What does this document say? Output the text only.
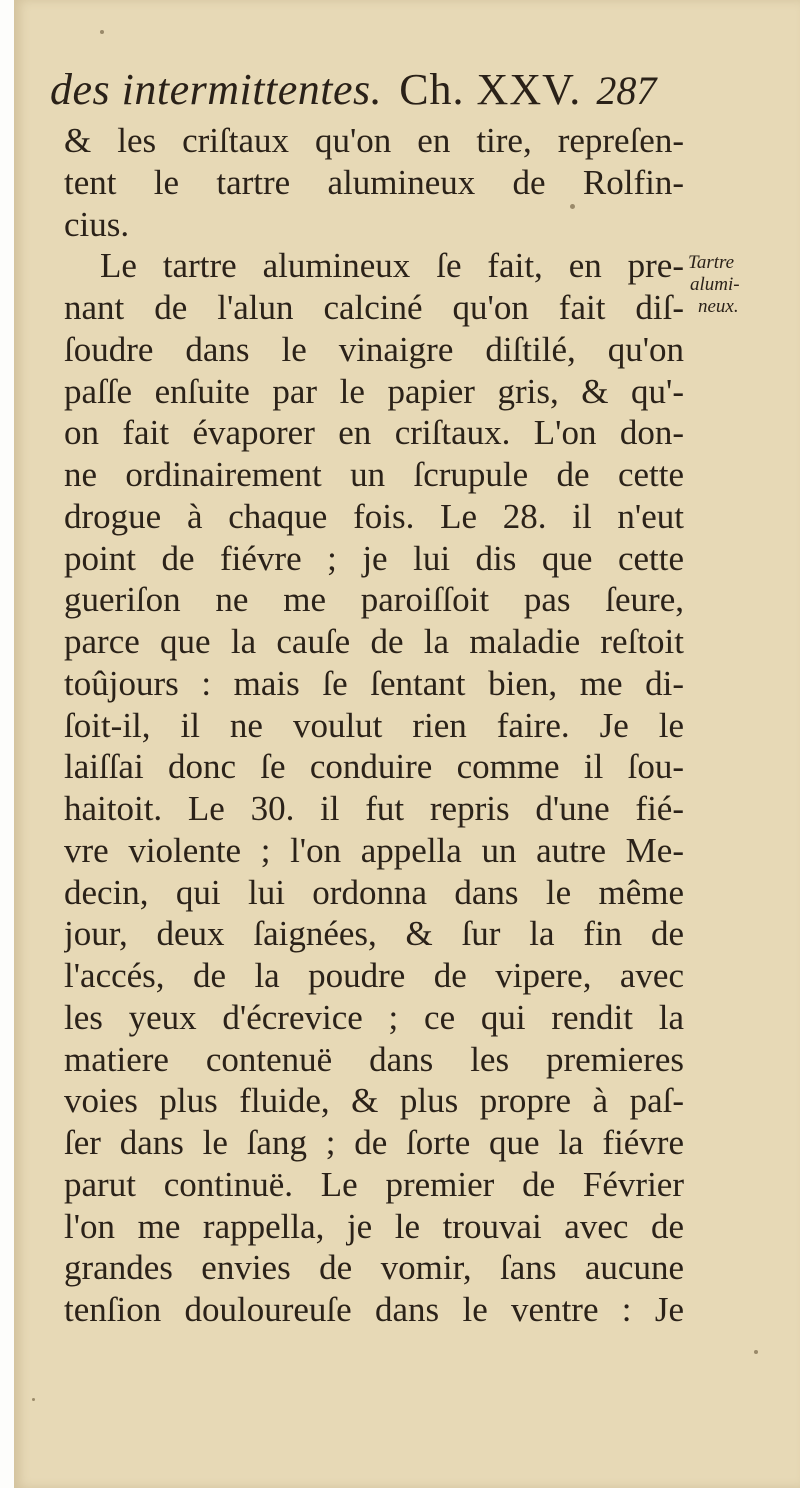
des intermittentes. Ch. XXV. 287
& les criſtaux qu'on en tire, repreſen-
tent le tartre alumineux de Rolfin-
cius.
Le tartre alumineux ſe fait, en pre-
nant de l'alun calciné qu'on fait diſ-
ſoudre dans le vinaigre diſtilé, qu'on
paſſe enſuite par le papier gris, & qu'-
on fait évaporer en criſtaux. L'on don-
ne ordinairement un ſcrupule de cette
drogue à chaque fois. Le 28. il n'eut
point de fiévre ; je lui dis que cette
gueriſon ne me paroiſſoit pas ſeure,
parce que la cauſe de la maladie reſtoit
toûjours : mais ſe ſentant bien, me di-
ſoit-il, il ne voulut rien faire. Je le
laiſſai donc ſe conduire comme il ſou-
haitoit. Le 30. il fut repris d'une fié-
vre violente ; l'on appella un autre Me-
decin, qui lui ordonna dans le même
jour, deux ſaignées, & ſur la fin de
l'accés, de la poudre de vipere, avec
les yeux d'écrevice ; ce qui rendit la
matiere contenuë dans les premieres
voies plus fluide, & plus propre à paſ-
ſer dans le ſang ; de ſorte que la fiévre
parut continuë. Le premier de Février
l'on me rappella, je le trouvai avec de
grandes envies de vomir, ſans aucune
tenſion douloureuſe dans le ventre : Je
Tartre
alumi-
neux.
